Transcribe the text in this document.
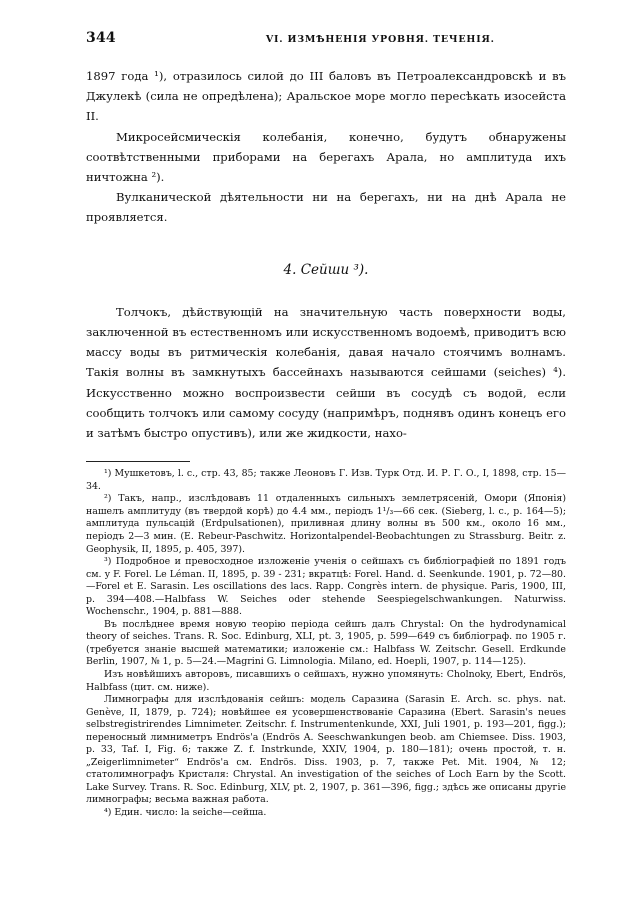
344	VI. ИЗМѢНЕНІЯ УРОВНЯ. ТЕЧЕНІЯ.

1897 года ¹), отразилось силой до III баловъ въ Петроалександровскѣ и въ Джулекѣ (сила не опредѣлена); Аральское море могло пересѣкать изосейста II.

Микросейсмическія колебанія, конечно, будутъ обнаружены соотвѣтственными приборами на берегахъ Арала, но амплитуда ихъ ничтожна ²).

Вулканической дѣятельности ни на берегахъ, ни на днѣ Арала не проявляется.

4. Сейши ³).

Толчокъ, дѣйствующій на значительную часть поверхности воды, заключенной въ естественномъ или искусственномъ водоемѣ, приводитъ всю массу воды въ ритмическія колебанія, давая начало стоячимъ волнамъ. Такія волны въ замкнутыхъ бассейнахъ называются сейшами (seiches) ⁴). Искусственно можно воспроизвести сейши въ сосудѣ съ водой, если сообщить толчокъ или самому сосуду (напримѣръ, поднявъ одинъ конецъ его и затѣмъ быстро опустивъ), или же жидкости, нахо-

¹) Мушкетовъ, l. c., стр. 43, 85; также Леоновъ Г. Изв. Турк Отд. И. Р. Г. О., I, 1898, стр. 15—34.

²) Такъ, напр., изслѣдовавъ 11 отдаленныхъ сильныхъ землетрясеній, Омори (Японія) нашелъ амплитуду (въ твердой корѣ) до 4.4 мм., періодъ 1¹/₃—66 сек. (Sieberg, l. c., p. 164—5); амплитуда пульсацій (Erdpulsationen), приливная длину волны въ 500 км., около 16 мм., періодъ 2—3 мин. (E. Rebeur-Paschwitz. Horizontalpendel-Beobachtungen zu Strassburg. Beitr. z. Geophysik, II, 1895, p. 405, 397).

³) Подробное и превосходное изложеніе ученія о сейшахъ съ библіографіей по 1891 годъ см. у F. Forel. Le Léman. II, 1895, p. 39 - 231; вкратцѣ: Forel. Hand. d. Seenkunde. 1901, p. 72—80.—Forel et E. Sarasin. Les oscillations des lacs. Rapp. Congrès intern. de physique. Paris, 1900, III, p. 394—408.—Halbfass W. Seiches oder stehende Seespiegelschwankungen. Naturwiss. Wochenschr., 1904, p. 881—888.

Въ послѣднее время новую теорію періода сейшъ далъ Chrystal: On the hydrodynamical theory of seiches. Trans. R. Soc. Edinburg, XLI, pt. 3, 1905, p. 599—649 съ библіограф. по 1905 г. (требуется знаніе высшей математики; изложеніе см.: Halbfass W. Zeitschr. Gesell. Erdkunde Berlin, 1907, № 1, p. 5—24.—Magrini G. Limnologia. Milano, ed. Hoepli, 1907, p. 114—125).

Изъ новѣйшихъ авторовъ, писавшихъ о сейшахъ, нужно упомянуть: Cholnoky, Ebert, Endrös, Halbfass (цит. см. ниже).

Лимнографы для изслѣдованія сейшъ: модель Саразина (Sarasin E. Arch. sc. phys. nat. Genève, II, 1879, p. 724); новѣйшее ея усовершенствованіе Саразина (Ebert. Sarasin's neues selbstregistrirendes Limnimeter. Zeitschr. f. Instrumentenkunde, XXI, Juli 1901, p. 193—201, figg.); переносный лимниметръ Endrös'a (Endrös A. Seeschwankungen beob. am Chiemsee. Diss. 1903, p. 33, Taf. I, Fig. 6; также Z. f. Instrkunde, XXIV, 1904, p. 180—181); очень простой, т. н. „Zeigerlimnimeter“ Endrös'a см. Endrös. Diss. 1903, p. 7, также Pet. Mit. 1904, № 12; статолимнографъ Кристаля: Chrystal. An investigation of the seiches of Loch Earn by the Scott. Lake Survey. Trans. R. Soc. Edinburg, XLV, pt. 2, 1907, p. 361—396, figg.; здѣсь же описаны другіе лимнографы; весьма важная работа.

⁴) Един. число: la seiche—сейша.
